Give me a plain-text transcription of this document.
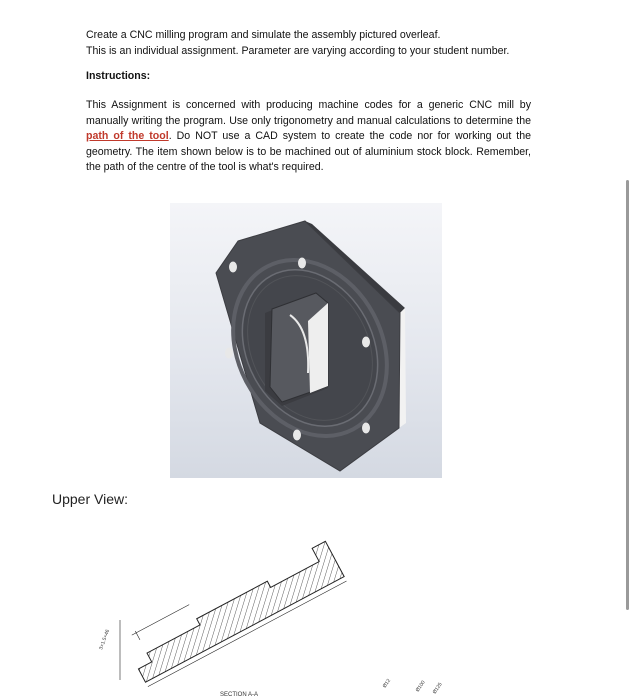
Create a CNC milling program and simulate the assembly pictured overleaf.
This is an individual assignment. Parameter are varying according to your student number.
Instructions:
This Assignment is concerned with producing machine codes for a generic CNC mill by manually writing the program. Use only trigonometry and manual calculations to determine the path of the tool. Do NOT use a CAD system to create the code nor for working out the geometry. The item shown below is to be machined out of aluminium stock block. Remember, the path of the centre of the tool is what's required.
Upper View:
3×1.5×46
SECTION A-A
Ø12	Ø100 Ø125
